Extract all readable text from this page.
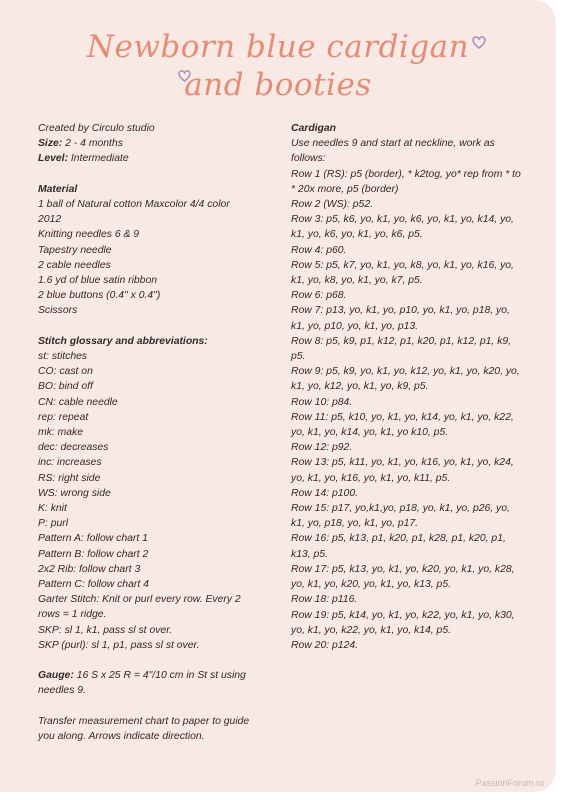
Newborn blue cardigan
and booties

Created by Circulo studio

Size: 2 - 4 months

Level: Intermediate

Material

1 ball of Natural cotton Maxcolor 4/4 color

2012

Knitting needles 6 & 9

Tapestry needle

2 cable needles

1.6 yd of blue satin ribbon

2 blue buttons (0.4" x 0.4")

Scissors

Stitch glossary and abbreviations:

st: stitches

CO: cast on

BO: bind off

CN: cable needle

rep: repeat

mk: make

dec: decreases

inc: increases

RS: right side

WS: wrong side

K: knit

P: purl

Pattern A: follow chart 1

Pattern B: follow chart 2

2x2 Rib: follow chart 3

Pattern C: follow chart 4

Garter Stitch: Knit or purl every row. Every 2

rows = 1 ridge.

SKP: sl 1, k1, pass sl st over.

SKP (purl): sl 1, p1, pass sl st over.

Gauge: 16 S x 25 R = 4"/10 cm in St st using

needles 9.

Transfer measurement chart to paper to guide

you along. Arrows indicate direction.

Cardigan

Use needles 9 and start at neckline, work as

follows:

Row 1 (RS): p5 (border), * k2tog, yo* rep from * to

* 20x more, p5 (border)

Row 2 (WS): p52.

Row 3: p5, k6, yo, k1, yo, k6, yo, k1, yo, k14, yo,

k1, yo, k6, yo, k1, yo, k6, p5.

Row 4: p60.

Row 5: p5, k7, yo, k1, yo, k8, yo, k1, yo, k16, yo,

k1, yo, k8, yo, k1, yo, k7, p5.

Row 6: p68.

Row 7: p13, yo, k1, yo, p10, yo, k1, yo, p18, yo,

k1, yo, p10, yo, k1, yo, p13.

Row 8: p5, k9, p1, k12, p1, k20, p1, k12, p1, k9,

p5.

Row 9: p5, k9, yo, k1, yo, k12, yo, k1, yo, k20, yo,

k1, yo, k12, yo, k1, yo, k9, p5.

Row 10: p84.

Row 11: p5, k10, yo, k1, yo, k14, yo, k1, yo, k22,

yo, k1, yo, k14, yo, k1, yo k10, p5.

Row 12: p92.

Row 13: p5, k11, yo, k1, yo, k16, yo, k1, yo, k24,

yo, k1, yo, k16, yo, k1, yo, k11, p5.

Row 14: p100.

Row 15: p17, yo,k1,yo, p18, yo, k1, yo, p26, yo,

k1, yo, p18, yo, k1, yo, p17.

Row 16: p5, k13, p1, k20, p1, k28, p1, k20, p1,

k13, p5.

Row 17: p5, k13, yo, k1, yo, k20, yo, k1, yo, k28,

yo, k1, yo, k20, yo, k1, yo, k13, p5.

Row 18: p116.

Row 19: p5, k14, yo, k1, yo, k22, yo, k1, yo, k30,

yo, k1, yo, k22, yo, k1, yo, k14, p5.

Row 20: p124.

PassionForum.ru
